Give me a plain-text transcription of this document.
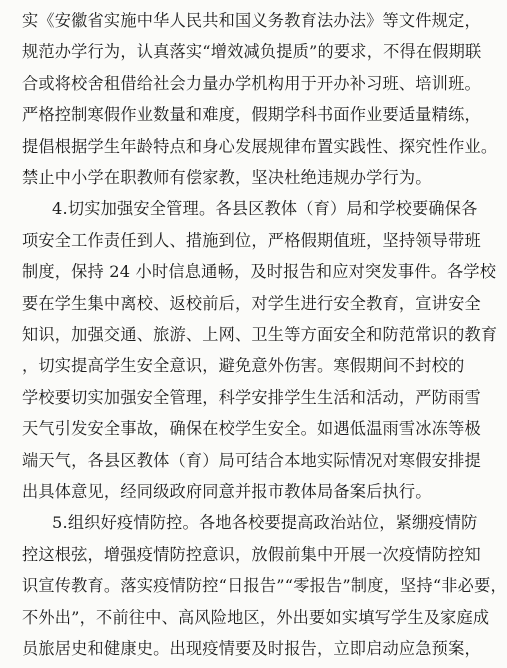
实《安徽省实施中华人民共和国义务教育法办法》等文件规定，
规范办学行为，认真落实“增效减负提质”的要求，不得在假期联
合或将校舍租借给社会力量办学机构用于开办补习班、培训班。
严格控制寒假作业数量和难度，假期学科书面作业要适量精练，
提倡根据学生年龄特点和身心发展规律布置实践性、探究性作业。
禁止中小学在职教师有偿家教，坚决杜绝违规办学行为。
4.切实加强安全管理。各县区教体（育）局和学校要确保各
项安全工作责任到人、措施到位，严格假期值班，坚持领导带班
制度，保持 24 小时信息通畅，及时报告和应对突发事件。各学校
要在学生集中离校、返校前后，对学生进行安全教育，宣讲安全
知识，加强交通、旅游、上网、卫生等方面安全和防范常识的教育
，切实提高学生安全意识，避免意外伤害。寒假期间不封校的
学校要切实加强安全管理，科学安排学生生活和活动，严防雨雪
天气引发安全事故，确保在校学生安全。如遇低温雨雪冰冻等极
端天气，各县区教体（育）局可结合本地实际情况对寒假安排提
出具体意见，经同级政府同意并报市教体局备案后执行。
5.组织好疫情防控。各地各校要提高政治站位，紧绷疫情防
控这根弦，增强疫情防控意识，放假前集中开展一次疫情防控知
识宣传教育。落实疫情防控“日报告”“零报告”制度，坚持“非必要，
不外出”，不前往中、高风险地区，外出要如实填写学生及家庭成
员旅居史和健康史。出现疫情要及时报告，立即启动应急预案，
